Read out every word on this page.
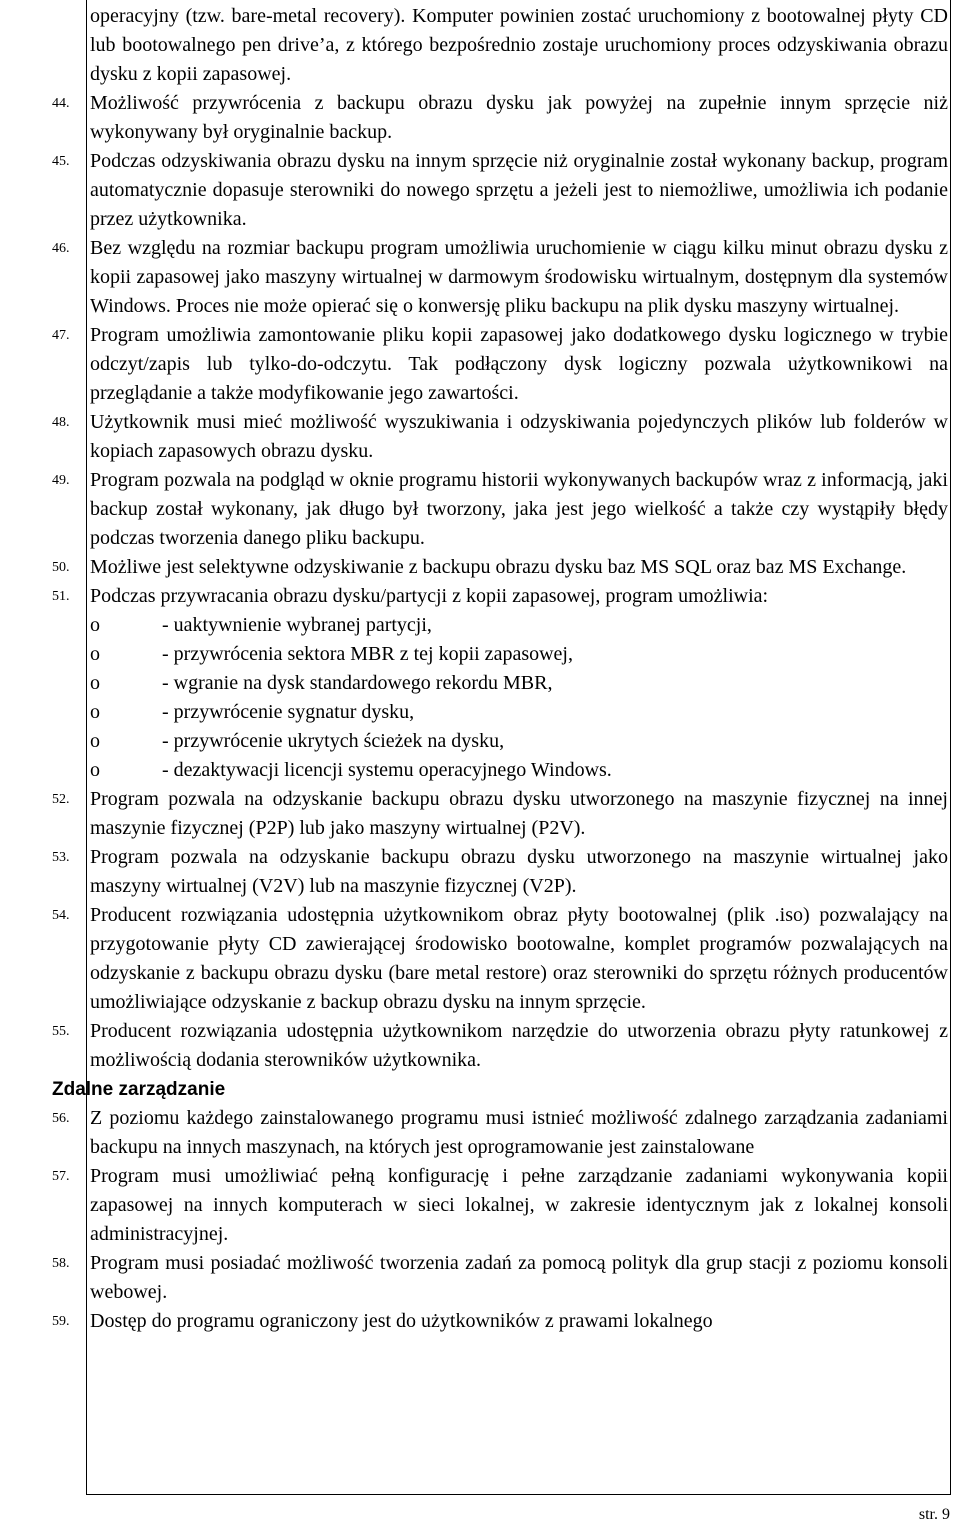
operacyjny (tzw. bare-metal recovery). Komputer powinien zostać uruchomiony z bootowalnej płyty CD lub bootowalnego pen drive’a, z którego bezpośrednio zostaje uruchomiony proces odzyskiwania obrazu dysku z kopii zapasowej.
44. Możliwość przywrócenia z backupu obrazu dysku jak powyżej na zupełnie innym sprzęcie niż wykonywany był oryginalnie backup.
45. Podczas odzyskiwania obrazu dysku na innym sprzęcie niż oryginalnie został wykonany backup, program automatycznie dopasuje sterowniki do nowego sprzętu a jeżeli jest to niemożliwe, umożliwia ich podanie przez użytkownika.
46. Bez względu na rozmiar backupu program umożliwia uruchomienie w ciągu kilku minut obrazu dysku z kopii zapasowej jako maszyny wirtualnej w darmowym środowisku wirtualnym, dostępnym dla systemów Windows. Proces nie może opierać się o konwersję pliku backupu na plik dysku maszyny wirtualnej.
47. Program umożliwia zamontowanie pliku kopii zapasowej jako dodatkowego dysku logicznego w trybie odczyt/zapis lub tylko-do-odczytu. Tak podłączony dysk logiczny pozwala użytkownikowi na przeglądanie a także modyfikowanie jego zawartości.
48. Użytkownik musi mieć możliwość wyszukiwania i odzyskiwania pojedynczych plików lub folderów w kopiach zapasowych obrazu dysku.
49. Program pozwala na podgląd w oknie programu historii wykonywanych backupów wraz z informacją, jaki backup został wykonany, jak długo był tworzony, jaka jest jego wielkość a także czy wystąpiły błędy podczas tworzenia danego pliku backupu.
50. Możliwe jest selektywne odzyskiwanie z backupu obrazu dysku baz MS SQL oraz baz MS Exchange.
51. Podczas przywracania obrazu dysku/partycji z kopii zapasowej, program umożliwia:
o	- uaktywnienie wybranej partycji,
o	- przywrócenia sektora MBR z tej kopii zapasowej,
o	- wgranie na dysk standardowego rekordu MBR,
o	- przywrócenie sygnatur dysku,
o	- przywrócenie ukrytych ścieżek na dysku,
o	- dezaktywacji licencji systemu operacyjnego Windows.
52. Program pozwala na odzyskanie backupu obrazu dysku utworzonego na maszynie fizycznej na innej maszynie fizycznej (P2P) lub jako maszyny wirtualnej (P2V).
53. Program pozwala na odzyskanie backupu obrazu dysku utworzonego na maszynie wirtualnej jako maszyny wirtualnej (V2V) lub na maszynie fizycznej (V2P).
54. Producent rozwiązania udostępnia użytkownikom obraz płyty bootowalnej (plik .iso) pozwalający na przygotowanie płyty CD zawierającej środowisko bootowalne, komplet programów pozwalających na odzyskanie z backupu obrazu dysku (bare metal restore) oraz sterowniki do sprzętu różnych producentów umożliwiające odzyskanie z backup obrazu dysku na innym sprzęcie.
55. Producent rozwiązania udostępnia użytkownikom narzędzie do utworzenia obrazu płyty ratunkowej z możliwością dodania sterowników użytkownika.
Zdalne zarządzanie
56. Z poziomu każdego zainstalowanego programu musi istnieć możliwość zdalnego zarządzania zadaniami backupu na innych maszynach, na których jest oprogramowanie jest zainstalowane
57. Program musi umożliwiać pełną konfigurację i pełne zarządzanie zadaniami wykonywania kopii zapasowej na innych komputerach w sieci lokalnej, w zakresie identycznym jak z lokalnej konsoli administracyjnej.
58. Program musi posiadać możliwość tworzenia zadań za pomocą polityk dla grup stacji z poziomu konsoli webowej.
59. Dostęp do programu ograniczony jest do użytkowników z prawami lokalnego
str. 9
